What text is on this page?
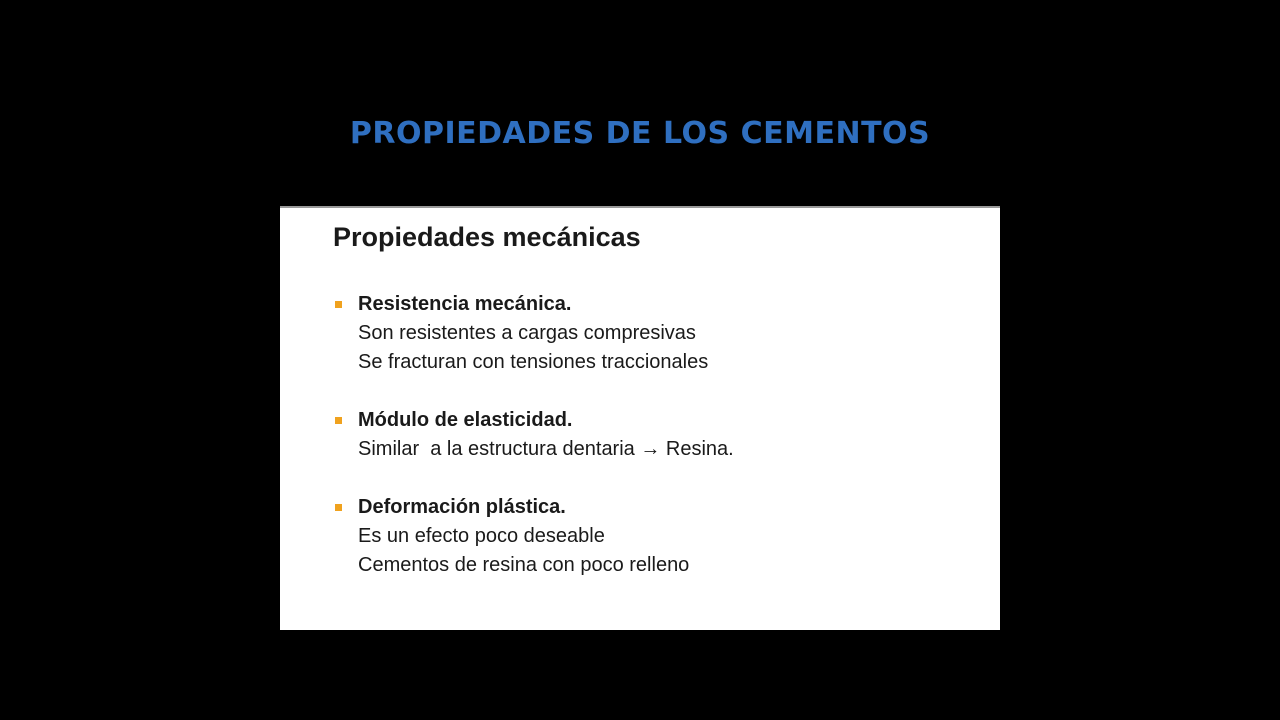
PROPIEDADES DE LOS CEMENTOS
Propiedades mecánicas
Resistencia mecánica.
Son resistentes a cargas compresivas
Se fracturan con tensiones traccionales
Módulo de elasticidad.
Similar  a la estructura dentaria → Resina.
Deformación plástica.
Es un efecto poco deseable
Cementos de resina con poco relleno
